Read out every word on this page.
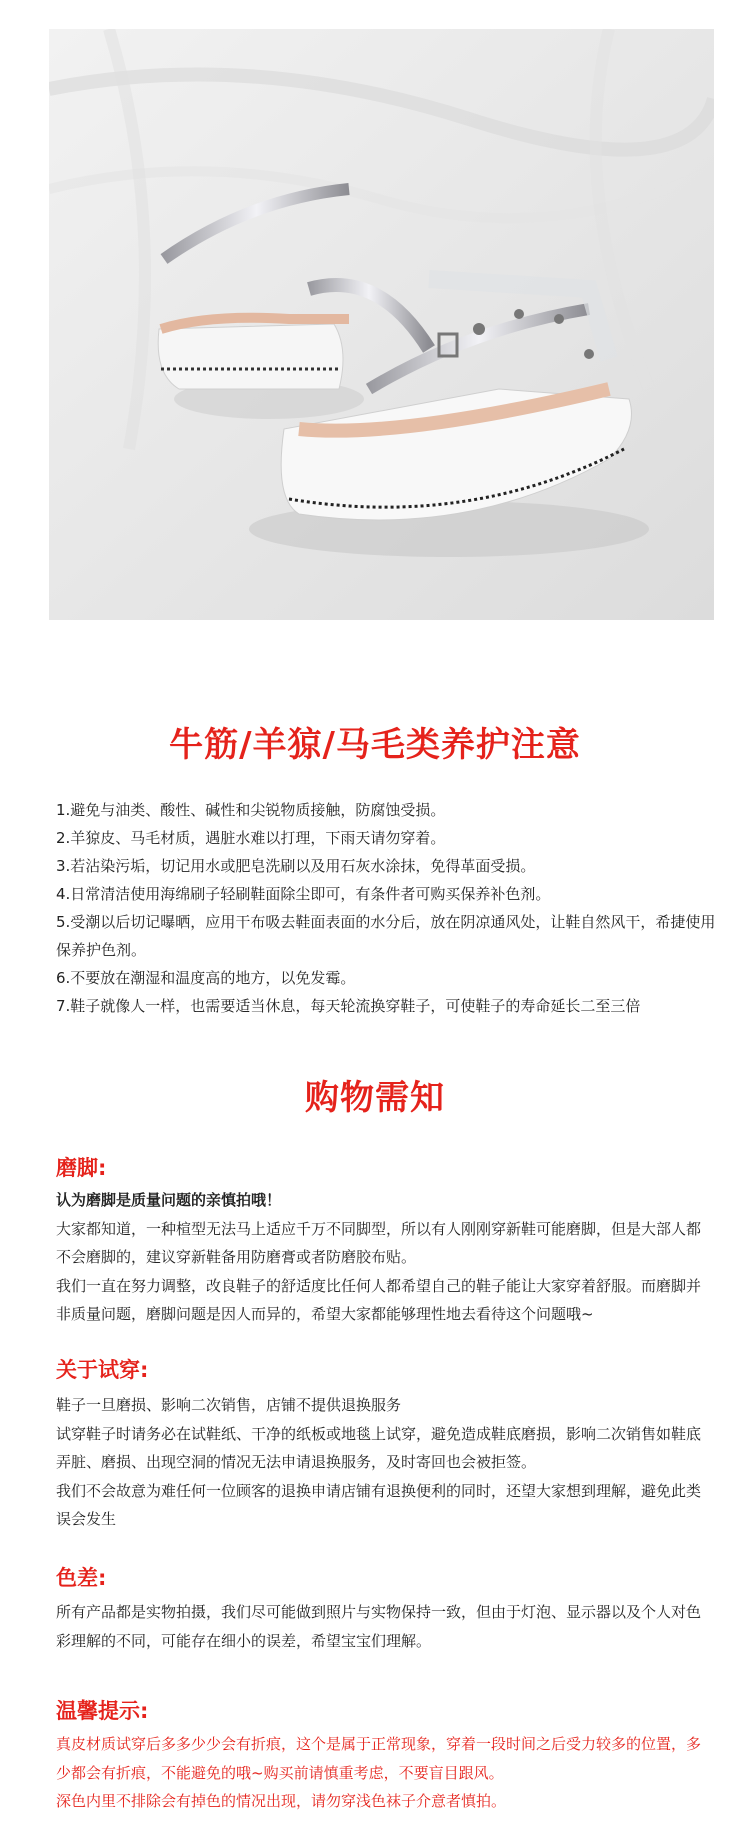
牛筋/羊猄/马毛类养护注意

1.避免与油类、酸性、碱性和尖锐物质接触，防腐蚀受损。

2.羊猄皮、马毛材质，遇脏水难以打理，下雨天请勿穿着。

3.若沾染污垢，切记用水或肥皂洗刷以及用石灰水涂抹，免得革面受损。

4.日常清洁使用海绵刷子轻刷鞋面除尘即可，有条件者可购买保养补色剂。

5.受潮以后切记曝晒，应用干布吸去鞋面表面的水分后，放在阴凉通风处，让鞋自然风干，希捷使用保养护色剂。

6.不要放在潮湿和温度高的地方，以免发霉。

7.鞋子就像人一样，也需要适当休息，每天轮流换穿鞋子，可使鞋子的寿命延长二至三倍

购物需知
磨脚:

认为磨脚是质量问题的亲慎拍哦！

大家都知道，一种楦型无法马上适应千万不同脚型，所以有人刚刚穿新鞋可能磨脚，但是大部人都不会磨脚的，建议穿新鞋备用防磨膏或者防磨胶布贴。

我们一直在努力调整，改良鞋子的舒适度比任何人都希望自己的鞋子能让大家穿着舒服。而磨脚并非质量问题，磨脚问题是因人而异的，希望大家都能够理性地去看待这个问题哦~

关于试穿:

鞋子一旦磨损、影响二次销售，店铺不提供退换服务

试穿鞋子时请务必在试鞋纸、干净的纸板或地毯上试穿，避免造成鞋底磨损，影响二次销售如鞋底弄脏、磨损、出现空洞的情况无法申请退换服务，及时寄回也会被拒签。

我们不会故意为难任何一位顾客的退换申请店铺有退换便利的同时，还望大家想到理解，避免此类误会发生

色差:

所有产品都是实物拍摄，我们尽可能做到照片与实物保持一致，但由于灯泡、显示器以及个人对色彩理解的不同，可能存在细小的误差，希望宝宝们理解。

温馨提示:

真皮材质试穿后多多少少会有折痕，这个是属于正常现象，穿着一段时间之后受力较多的位置，多少都会有折痕，不能避免的哦~购买前请慎重考虑，不要盲目跟风。

深色内里不排除会有掉色的情况出现，请勿穿浅色袜子介意者慎拍。
